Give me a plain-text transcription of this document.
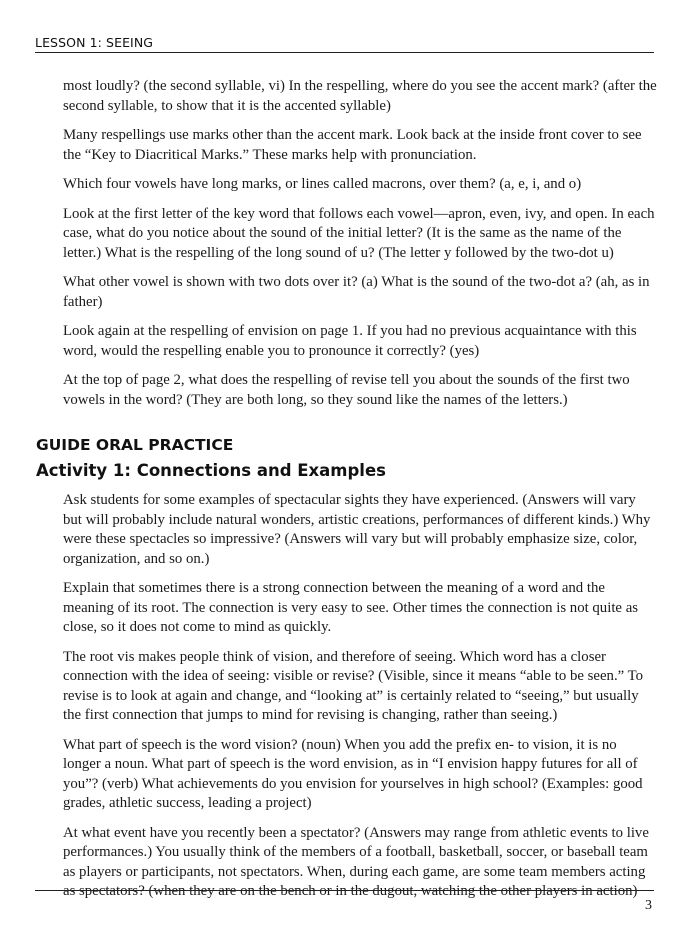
LESSON 1: SEEING

most loudly? (the second syllable, vi) In the respelling, where do you see the accent mark? (after the second syllable, to show that it is the accented syllable)

Many respellings use marks other than the accent mark. Look back at the inside front cover to see the “Key to Diacritical Marks.” These marks help with pronunciation.

Which four vowels have long marks, or lines called macrons, over them? (a, e, i, and o)

Look at the first letter of the key word that follows each vowel—apron, even, ivy, and open. In each case, what do you notice about the sound of the initial letter? (It is the same as the name of the letter.) What is the respelling of the long sound of u? (The letter y followed by the two-dot u)

What other vowel is shown with two dots over it? (a) What is the sound of the two-dot a? (ah, as in father)

Look again at the respelling of envision on page 1. If you had no previous acquaintance with this word, would the respelling enable you to pronounce it correctly? (yes)

At the top of page 2, what does the respelling of revise tell you about the sounds of the first two vowels in the word? (They are both long, so they sound like the names of the letters.)

GUIDE ORAL PRACTICE
Activity 1: Connections and Examples

Ask students for some examples of spectacular sights they have experienced. (Answers will vary but will probably include natural wonders, artistic creations, performances of different kinds.) Why were these spectacles so impressive? (Answers will vary but will probably emphasize size, color, organization, and so on.)

Explain that sometimes there is a strong connection between the meaning of a word and the meaning of its root. The connection is very easy to see. Other times the connection is not quite as close, so it does not come to mind as quickly.

The root vis makes people think of vision, and therefore of seeing. Which word has a closer connection with the idea of seeing: visible or revise? (Visible, since it means “able to be seen.” To revise is to look at again and change, and “looking at” is certainly related to “seeing,” but usually the first connection that jumps to mind for revising is changing, rather than seeing.)

What part of speech is the word vision? (noun) When you add the prefix en- to vision, it is no longer a noun. What part of speech is the word envision, as in “I envision happy futures for all of you”? (verb) What achievements do you envision for yourselves in high school? (Examples: good grades, athletic success, leading a project)

At what event have you recently been a spectator? (Answers may range from athletic events to live performances.) You usually think of the members of a football, basketball, soccer, or baseball team as players or participants, not spectators. When, during each game, are some team members acting as spectators? (when they are on the bench or in the dugout, watching the other players in action)

3
